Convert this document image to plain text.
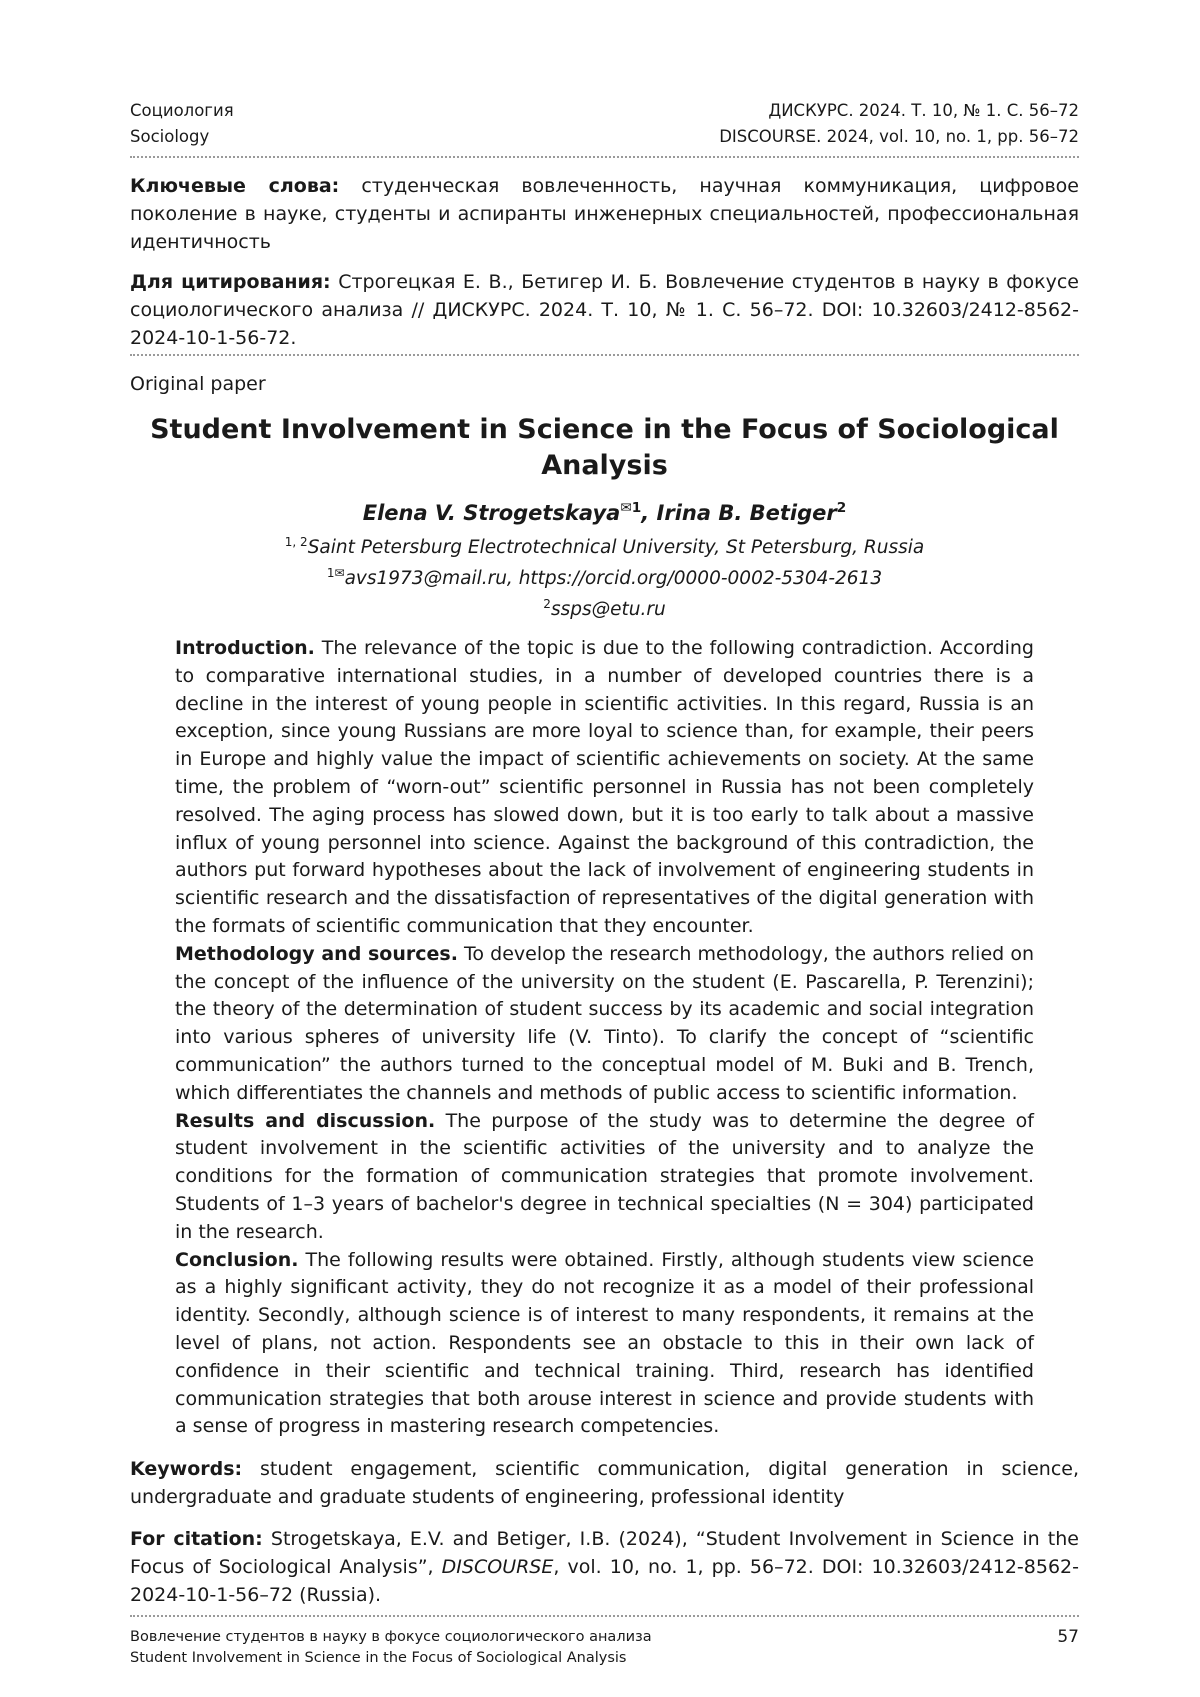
Социология
Sociology
ДИСКУРС. 2024. Т. 10, № 1. С. 56–72
DISCOURSE. 2024, vol. 10, no. 1, pp. 56–72

Ключевые слова: студенческая вовлеченность, научная коммуникация, цифровое поколение в науке, студенты и аспиранты инженерных специальностей, профессиональная идентичность

Для цитирования: Строгецкая Е. В., Бетигер И. Б. Вовлечение студентов в науку в фокусе социологического анализа // ДИСКУРС. 2024. Т. 10, № 1. С. 56–72. DOI: 10.32603/2412-8562-2024-10-1-56-72.

Original paper
Student Involvement in Science in the Focus of Sociological Analysis
Elena V. Strogetskaya$^{✉1}$, Irina B. Betiger$^2$
$^{1, 2}$Saint Petersburg Electrotechnical University, St Petersburg, Russia
$^{1✉}$avs1973@mail.ru, https://orcid.org/0000-0002-5304-2613
$^2$ssps@etu.ru

Introduction. The relevance of the topic is due to the following contradiction. According to comparative international studies, in a number of developed countries there is a decline in the interest of young people in scientific activities. In this regard, Russia is an exception, since young Russians are more loyal to science than, for example, their peers in Europe and highly value the impact of scientific achievements on society. At the same time, the problem of “worn-out” scientific personnel in Russia has not been completely resolved. The aging process has slowed down, but it is too early to talk about a massive influx of young personnel into science. Against the background of this contradiction, the authors put forward hypotheses about the lack of involvement of engineering students in scientific research and the dissatisfaction of representatives of the digital generation with the formats of scientific communication that they encounter.

Methodology and sources. To develop the research methodology, the authors relied on the concept of the influence of the university on the student (E. Pascarella, P. Terenzini); the theory of the determination of student success by its academic and social integration into various spheres of university life (V. Tinto). To clarify the concept of “scientific communication” the authors turned to the conceptual model of M. Buki and B. Trench, which differentiates the channels and methods of public access to scientific information.

Results and discussion. The purpose of the study was to determine the degree of student involvement in the scientific activities of the university and to analyze the conditions for the formation of communication strategies that promote involvement. Students of 1–3 years of bachelor's degree in technical specialties (N = 304) participated in the research.

Conclusion. The following results were obtained. Firstly, although students view science as a highly significant activity, they do not recognize it as a model of their professional identity. Secondly, although science is of interest to many respondents, it remains at the level of plans, not action. Respondents see an obstacle to this in their own lack of confidence in their scientific and technical training. Third, research has identified communication strategies that both arouse interest in science and provide students with a sense of progress in mastering research competencies.

Keywords: student engagement, scientific communication, digital generation in science, undergraduate and graduate students of engineering, professional identity

For citation: Strogetskaya, E.V. and Betiger, I.B. (2024), “Student Involvement in Science in the Focus of Sociological Analysis”, DISCOURSE, vol. 10, no. 1, pp. 56–72. DOI: 10.32603/2412-8562-2024-10-1-56–72 (Russia).

Вовлечение студентов в науку в фокусе социологического анализа
Student Involvement in Science in the Focus of Sociological Analysis
57
